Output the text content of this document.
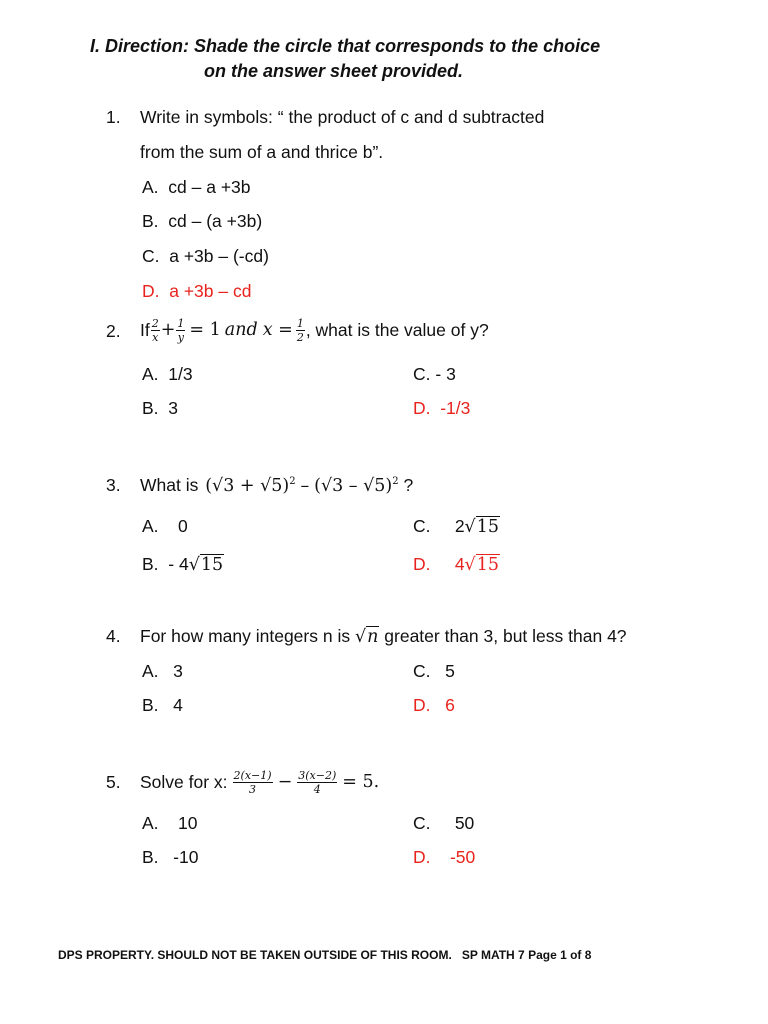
I. Direction: Shade the circle that corresponds to the choice
on the answer sheet provided.
1. Write in symbols: “ the product of c and d subtracted
from the sum of a and thrice b”.
A. cd – a +3b
B. cd – (a +3b)
C. a +3b – (-cd)
D. a +3b – cd
2. If $\frac{2}{x} + \frac{1}{y} = 1$ and $x = \frac{1}{2}$ , what is the value of y?
A. 1/3
B. 3
C. - 3
D. -1/3
3. What is $(√3 + √5)^2 - (√3 - √5)^2$ ?
A. 0
B. - 4√15
C. 2√15
D. 4√15
4. For how many integers n is √n greater than 3, but less than 4?
A. 3
B. 4
C. 5
D. 6
5. Solve for x: $\frac{2(x-1)}{3} - \frac{3(x-2)}{4} = 5$.
A. 10
B. -10
C. 50
D. -50
DPS PROPERTY. SHOULD NOT BE TAKEN OUTSIDE OF THIS ROOM. SP MATH 7 Page 1 of 8
